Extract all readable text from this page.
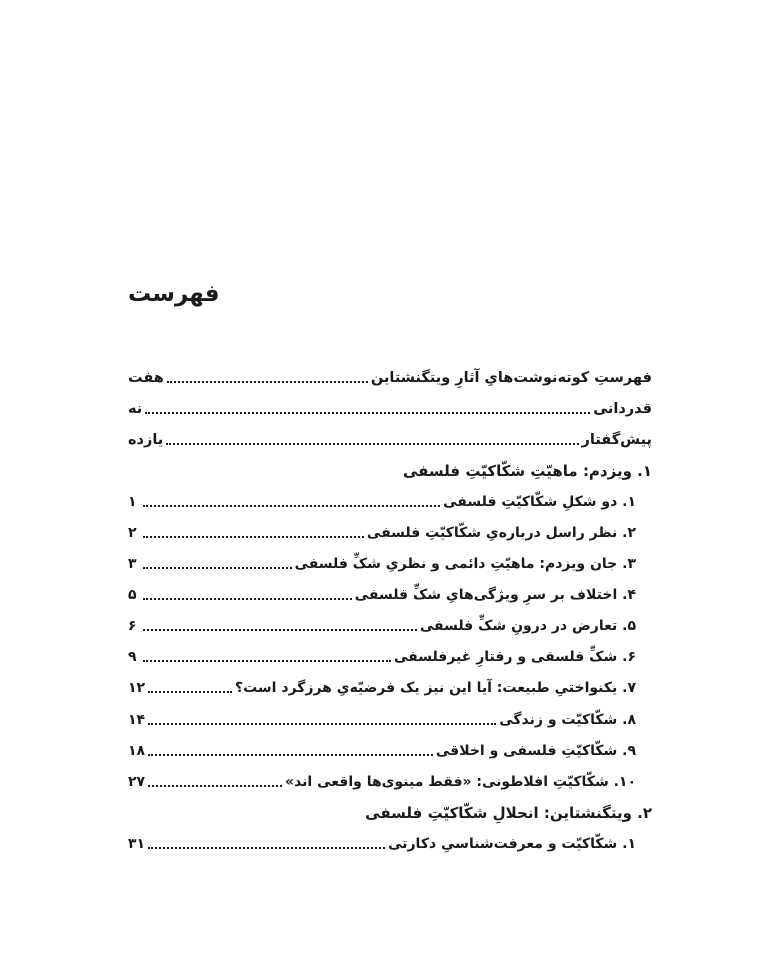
فهرست
فهرستِ کوته‌نوشت‌هایِ آثارِ ویتگنشتاین
هفت
قدردانی
نه
پیش‌گفتار
یازده
۱. ویزدم: ماهیّتِ شکّاکیّتِ فلسفی
۱. دو شکلِ شکّاکیّتِ فلسفی
۱
۲. نظر راسل درباره‌یِ شکّاکیّتِ فلسفی
۲
۳. جان ویزدم: ماهیّتِ دائمی و نظریِ شکِّ فلسفی
۳
۴. اختلاف بر سرِ ویژگی‌هایِ شکِّ فلسفی
۵
۵. تعارض در درونِ شکِّ فلسفی
۶
۶. شکِّ فلسفی و رفتارِ غیرفلسفی
۹
۷. یکنواختیِ طبیعت: آیا این نیز یک فرضیّه‌یِ هرزگرد است؟
۱۲
۸. شکّاکیّت و زندگی
۱۴
۹. شکّاکیّتِ فلسفی و اخلاقی
۱۸
۱۰. شکّاکیّتِ افلاطونی: «فقط مینوی‌ها واقعی اند»
۲۷
۲. ویتگنشتاین: انحلالِ شکّاکیّتِ فلسفی
۱. شکّاکیّت و معرفت‌شناسیِ دکارتی
۳۱
